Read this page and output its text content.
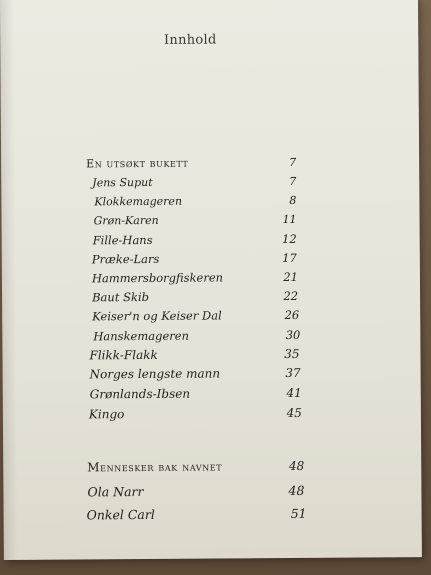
Innhold
En utsøkt bukett	7
Jens Suput	7
Klokkemageren	8
Grøn-Karen	11
Fille-Hans	12
Præke-Lars	17
Hammersborgfiskeren	21
Baut Skib	22
Keiser'n og Keiser Dal	26
Hanskemageren	30
Flikk-Flakk	35
Norges lengste mann	37
Grønlands-Ibsen	41
Kingo	45
Mennesker bak navnet	48
Ola Narr	48
Onkel Carl	51
